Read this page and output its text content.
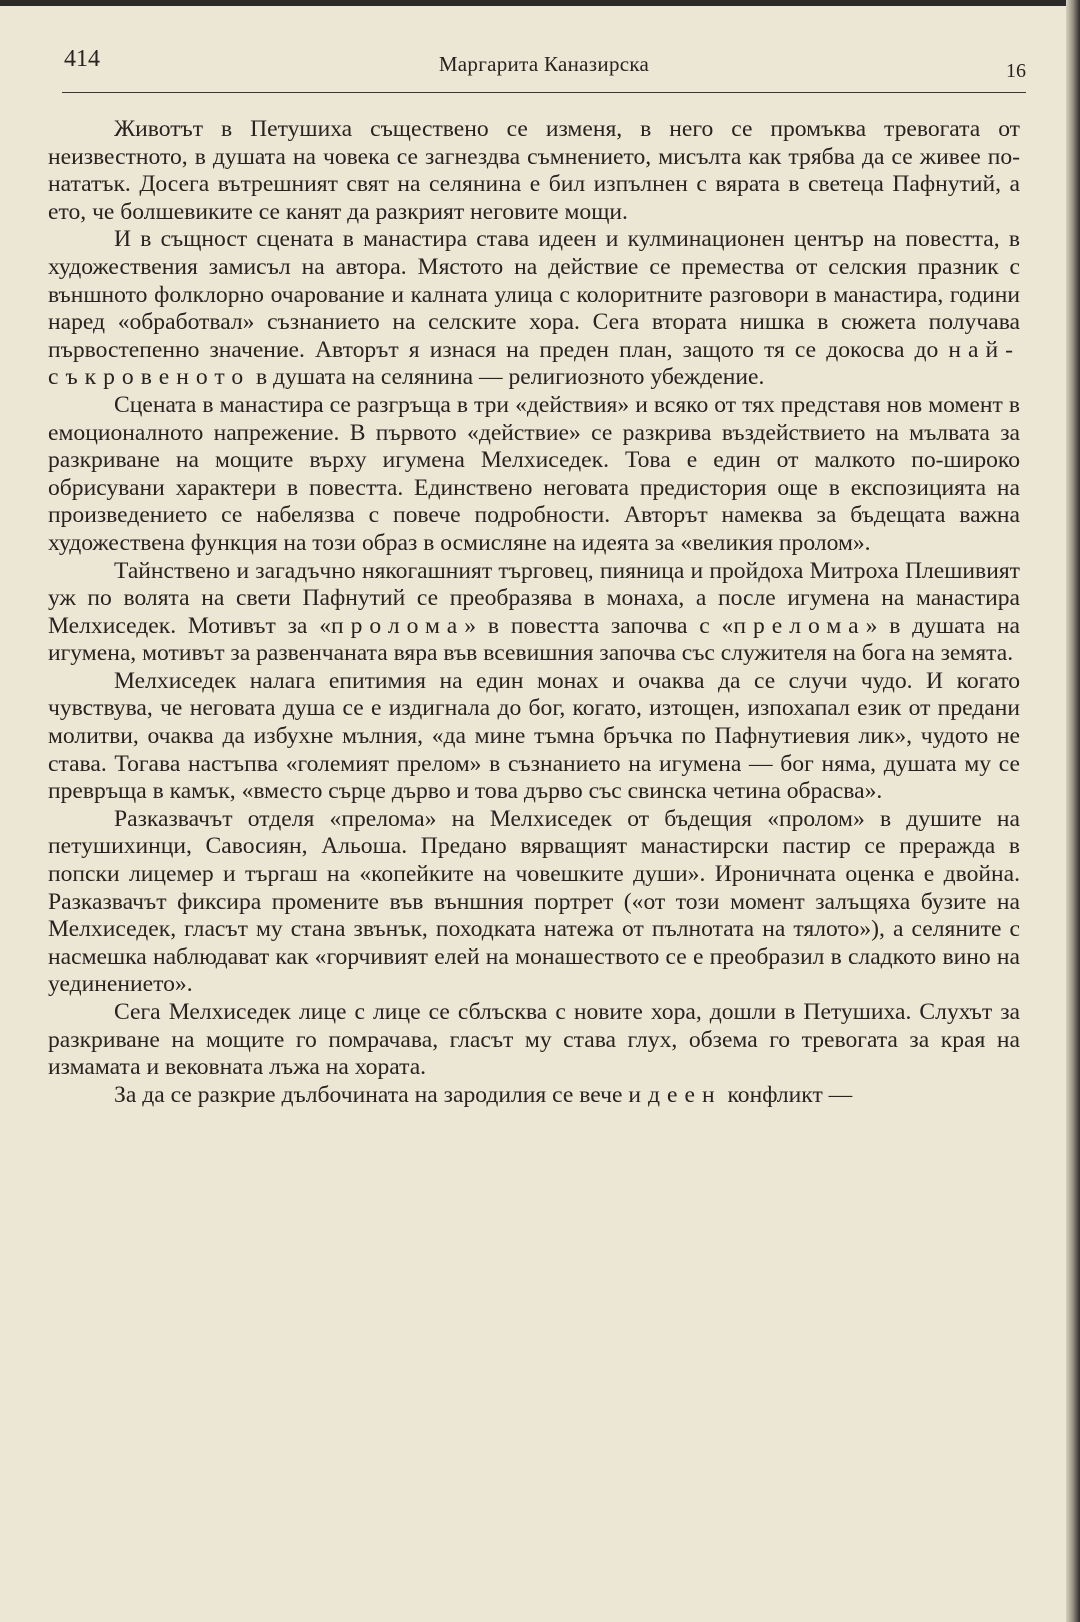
414	Маргарита Каназирска	16

Животът в Петушиха съществено се изменя, в него се промъква тревогата от неизвестното, в душата на човека се загнездва съмнението, мисълта как трябва да се живее по-нататък. Досега вътрешният свят на селянина е бил изпълнен с вярата в светеца Пафнутий, а ето, че болшевиките се канят да разкрият неговите мощи.

И в същност сцената в манастира става идеен и кулминационен център на повестта, в художествения замисъл на автора. Мястото на действие се премества от селския празник с външното фолклорно очарование и калната улица с колоритните разговори в манастира, години наред «обработвал» съзнанието на селските хора. Сега втората нишка в сюжета получава първостепенно значение. Авторът я изнася на преден план, защото тя се докосва до най-съкровеното в душата на селянина — религиозното убеждение.

Сцената в манастира се разгръща в три «действия» и всяко от тях представя нов момент в емоционалното напрежение. В първото «действие» се разкрива въздействието на мълвата за разкриване на мощите върху игумена Мелхиседек. Това е един от малкото по-широко обрисувани характери в повестта. Единствено неговата предистория още в експозицията на произведението се набелязва с повече подробности. Авторът намеква за бъдещата важна художествена функция на този образ в осмисляне на идеята за «великия пролом».

Тайнствено и загадъчно някогашният търговец, пияница и пройдоха Митроха Плешивият уж по волята на свети Пафнутий се преобразява в монаха, а после игумена на манастира Мелхиседек. Мотивът за «пролома» в повестта започва с «прелома» в душата на игумена, мотивът за развенчаната вяра във всевишния започва със служителя на бога на земята.

Мелхиседек налага епитимия на един монах и очаква да се случи чудо. И когато чувствува, че неговата душа се е издигнала до бог, когато, изтощен, изпохапал език от предани молитви, очаква да избухне мълния, «да мине тъмна бръчка по Пафнутиевия лик», чудото не става. Тогава настъпва «големият прелом» в съзнанието на игумена — бог няма, душата му се превръща в камък, «вместо сърце дърво и това дърво със свинска четина обрасва».

Разказвачът отделя «прелома» на Мелхиседек от бъдещия «пролом» в душите на петушихинци, Савосиян, Альоша. Предано вярващият манастирски пастир се преражда в попски лицемер и търгаш на «копейките на човешките души». Ироничната оценка е двойна. Разказвачът фиксира промените във външния портрет («от този момент залъщяха бузите на Мелхиседек, гласът му стана звънък, походката натежа от пълнотата на тялото»), а селяните с насмешка наблюдават как «горчивият елей на монашеството се е преобразил в сладкото вино на уединението».

Сега Мелхиседек лице с лице се сблъсква с новите хора, дошли в Петушиха. Слухът за разкриване на мощите го помрачава, гласът му става глух, обзема го тревогата за края на измамата и вековната лъжа на хората.

За да се разкрие дълбочината на зародилия се вече идеен конфликт —
